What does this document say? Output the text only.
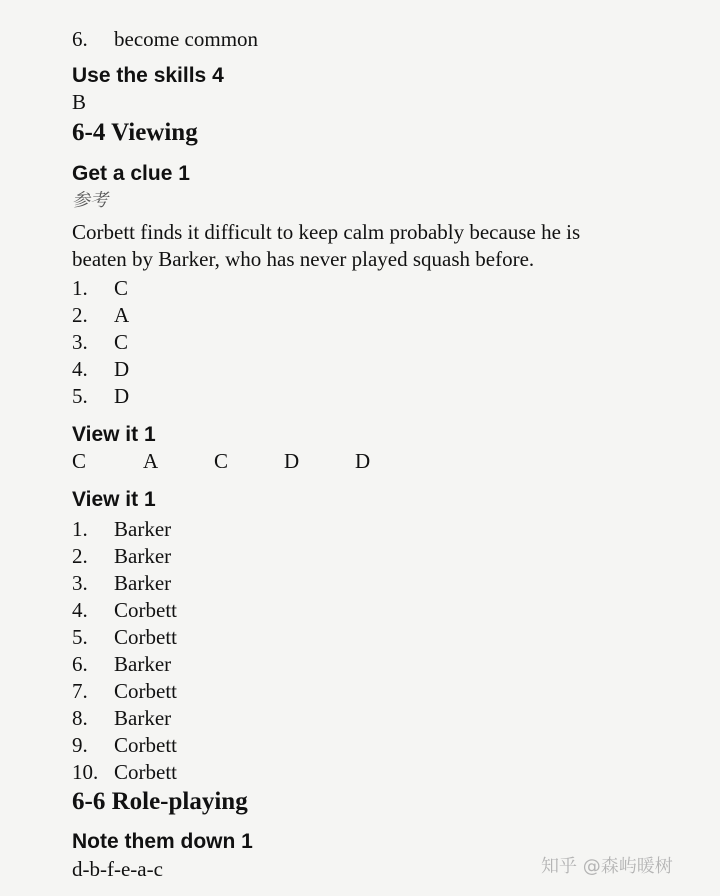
6. become common
Use the skills 4
B
6-4 Viewing
Get a clue 1
参考
Corbett finds it difficult to keep calm probably because he is
beaten by Barker, who has never played squash before.
1. C
2. A
3. C
4. D
5. D
View it 1
C	A	C	D	D
View it 1
1. Barker
2. Barker
3. Barker
4. Corbett
5. Corbett
6. Barker
7. Corbett
8. Barker
9. Corbett
10. Corbett
6-6 Role-playing
Note them down 1
d-b-f-e-a-c	知乎 @森屿暖树
